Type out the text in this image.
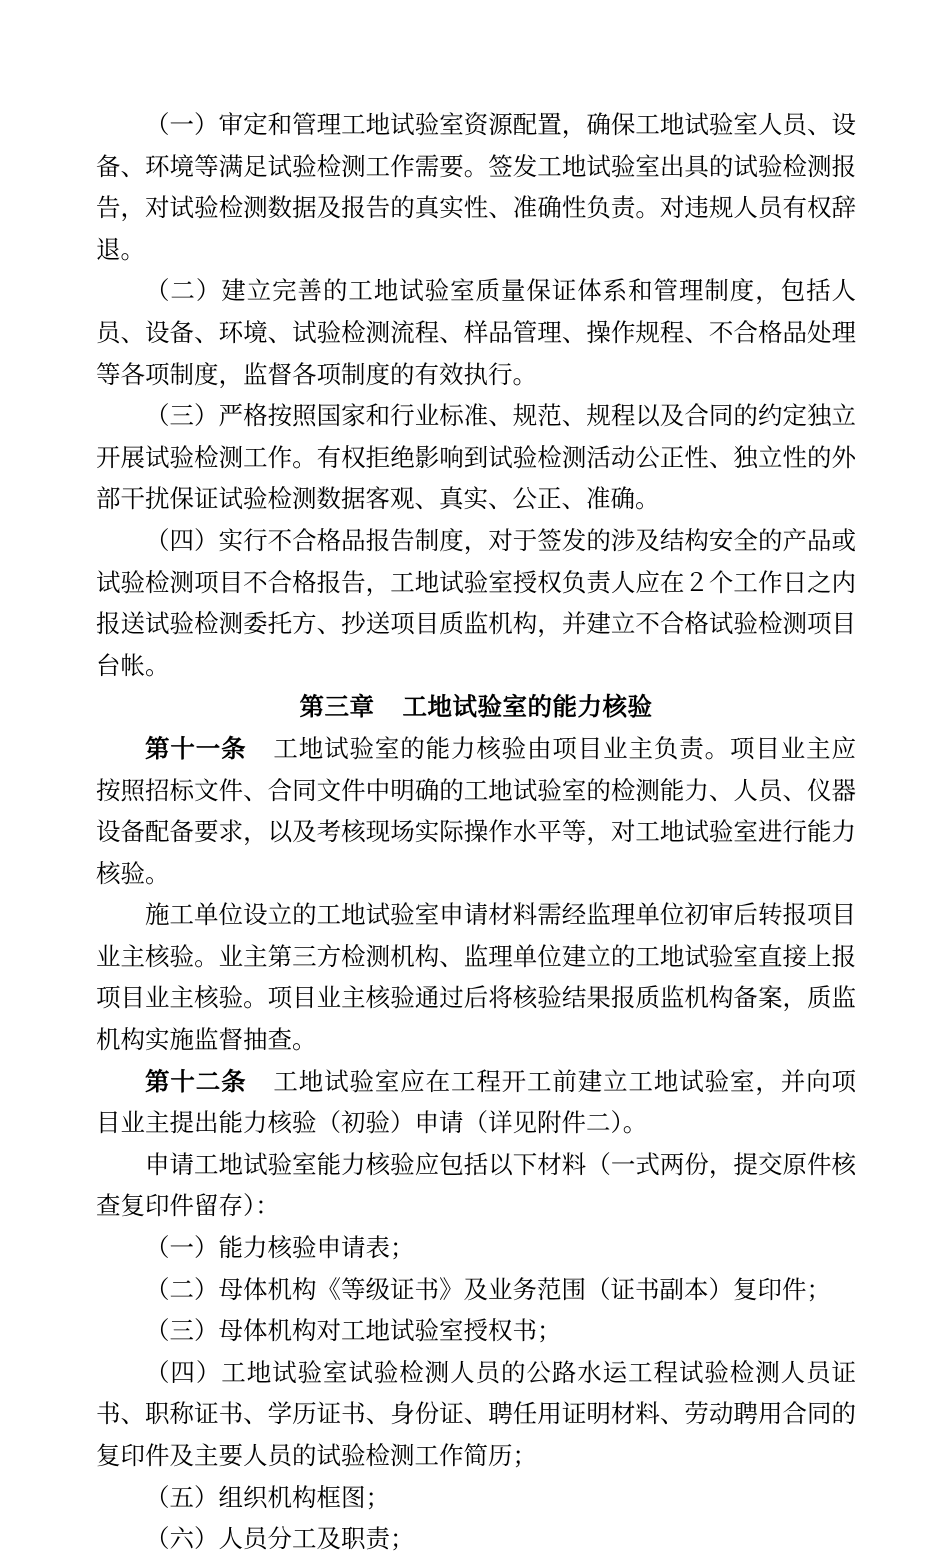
（一）审定和管理工地试验室资源配置，确保工地试验室人员、设备、环境等满足试验检测工作需要。签发工地试验室出具的试验检测报告，对试验检测数据及报告的真实性、准确性负责。对违规人员有权辞退。

（二）建立完善的工地试验室质量保证体系和管理制度，包括人员、设备、环境、试验检测流程、样品管理、操作规程、不合格品处理等各项制度，监督各项制度的有效执行。

（三）严格按照国家和行业标准、规范、规程以及合同的约定独立开展试验检测工作。有权拒绝影响到试验检测活动公正性、独立性的外部干扰保证试验检测数据客观、真实、公正、准确。

（四）实行不合格品报告制度，对于签发的涉及结构安全的产品或试验检测项目不合格报告，工地试验室授权负责人应在２个工作日之内报送试验检测委托方、抄送项目质监机构，并建立不合格试验检测项目台帐。

第三章 工地试验室的能力核验

第十一条 工地试验室的能力核验由项目业主负责。项目业主应按照招标文件、合同文件中明确的工地试验室的检测能力、人员、仪器设备配备要求，以及考核现场实际操作水平等，对工地试验室进行能力核验。

施工单位设立的工地试验室申请材料需经监理单位初审后转报项目业主核验。业主第三方检测机构、监理单位建立的工地试验室直接上报项目业主核验。项目业主核验通过后将核验结果报质监机构备案，质监机构实施监督抽查。

第十二条 工地试验室应在工程开工前建立工地试验室，并向项目业主提出能力核验（初验）申请（详见附件二）。

申请工地试验室能力核验应包括以下材料（一式两份，提交原件核查复印件留存）：

（一）能力核验申请表；

（二）母体机构《等级证书》及业务范围（证书副本）复印件；

（三）母体机构对工地试验室授权书；

（四）工地试验室试验检测人员的公路水运工程试验检测人员证书、职称证书、学历证书、身份证、聘任用证明材料、劳动聘用合同的复印件及主要人员的试验检测工作简历；

（五）组织机构框图；

（六）人员分工及职责；
